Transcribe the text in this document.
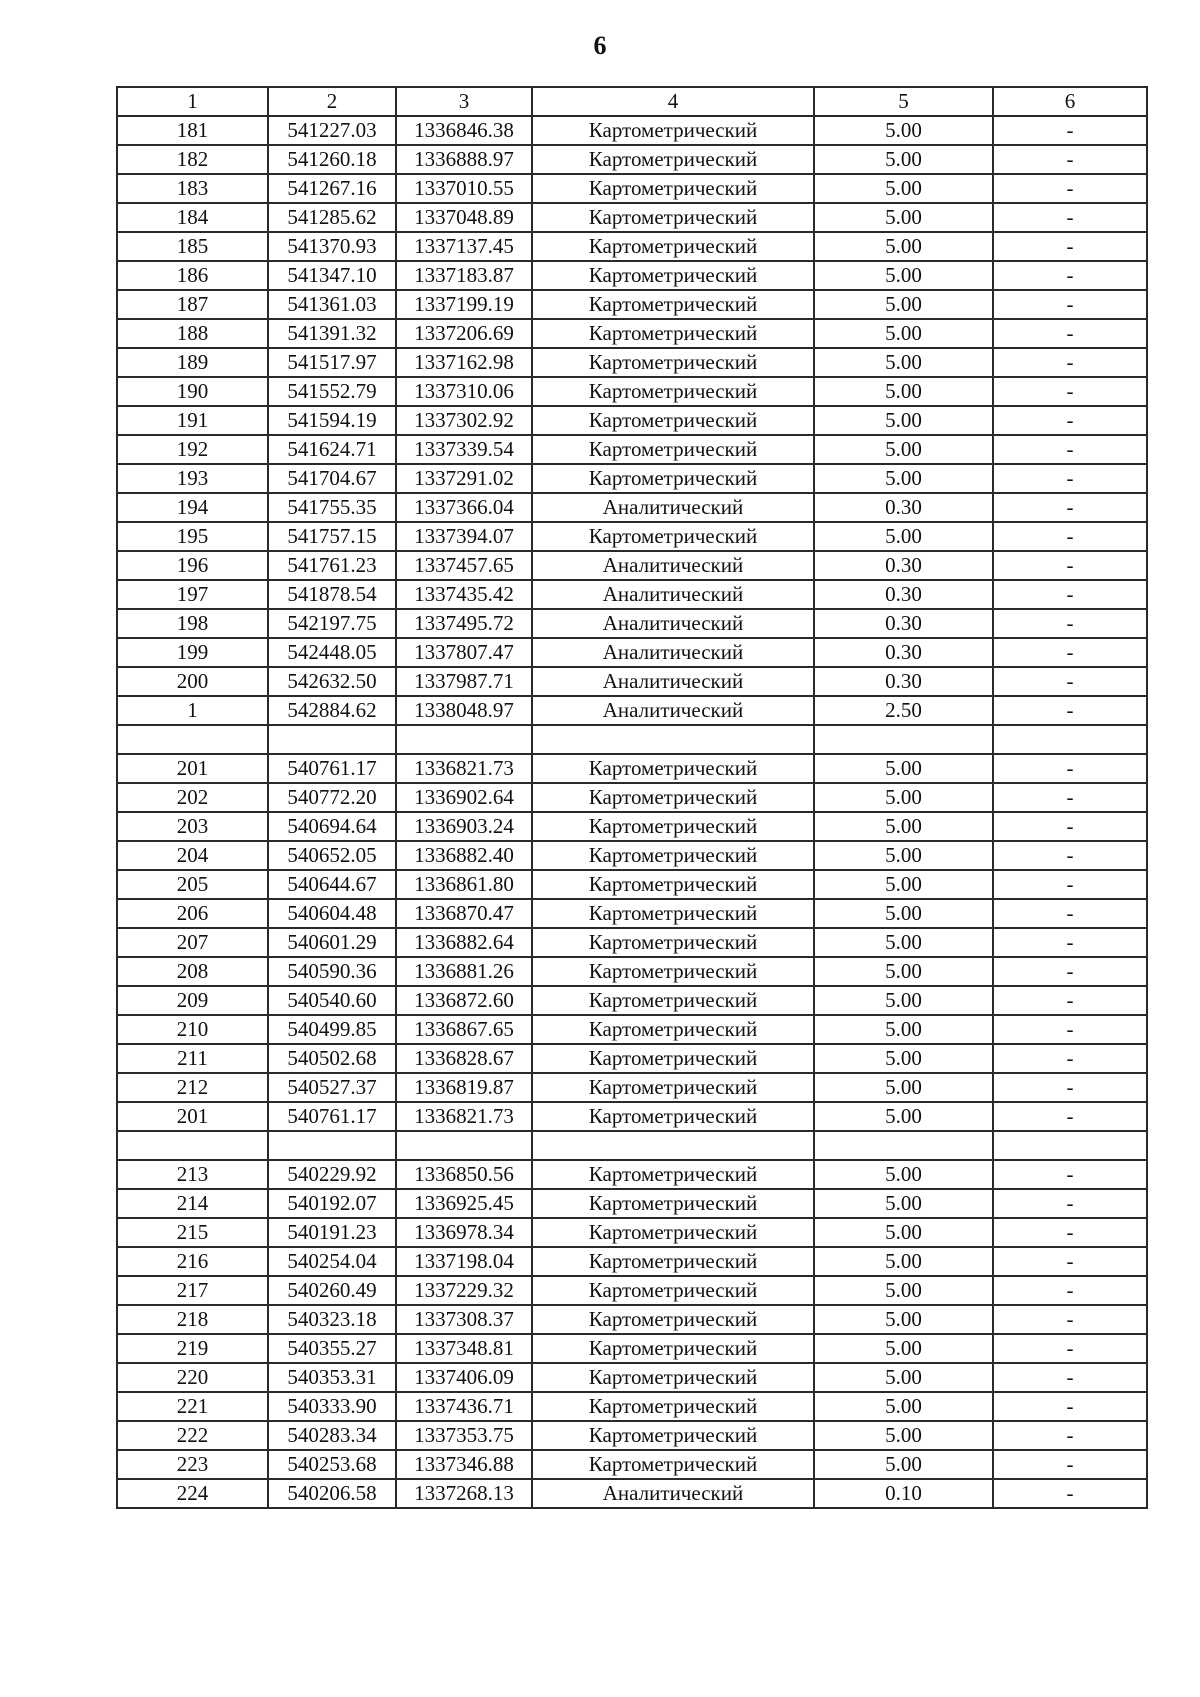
6
1	2	3	4	5	6
181	541227.03	1336846.38	Картометрический	5.00	-
182	541260.18	1336888.97	Картометрический	5.00	-
183	541267.16	1337010.55	Картометрический	5.00	-
184	541285.62	1337048.89	Картометрический	5.00	-
185	541370.93	1337137.45	Картометрический	5.00	-
186	541347.10	1337183.87	Картометрический	5.00	-
187	541361.03	1337199.19	Картометрический	5.00	-
188	541391.32	1337206.69	Картометрический	5.00	-
189	541517.97	1337162.98	Картометрический	5.00	-
190	541552.79	1337310.06	Картометрический	5.00	-
191	541594.19	1337302.92	Картометрический	5.00	-
192	541624.71	1337339.54	Картометрический	5.00	-
193	541704.67	1337291.02	Картометрический	5.00	-
194	541755.35	1337366.04	Аналитический	0.30	-
195	541757.15	1337394.07	Картометрический	5.00	-
196	541761.23	1337457.65	Аналитический	0.30	-
197	541878.54	1337435.42	Аналитический	0.30	-
198	542197.75	1337495.72	Аналитический	0.30	-
199	542448.05	1337807.47	Аналитический	0.30	-
200	542632.50	1337987.71	Аналитический	0.30	-
1	542884.62	1338048.97	Аналитический	2.50	-

201	540761.17	1336821.73	Картометрический	5.00	-
202	540772.20	1336902.64	Картометрический	5.00	-
203	540694.64	1336903.24	Картометрический	5.00	-
204	540652.05	1336882.40	Картометрический	5.00	-
205	540644.67	1336861.80	Картометрический	5.00	-
206	540604.48	1336870.47	Картометрический	5.00	-
207	540601.29	1336882.64	Картометрический	5.00	-
208	540590.36	1336881.26	Картометрический	5.00	-
209	540540.60	1336872.60	Картометрический	5.00	-
210	540499.85	1336867.65	Картометрический	5.00	-
211	540502.68	1336828.67	Картометрический	5.00	-
212	540527.37	1336819.87	Картометрический	5.00	-
201	540761.17	1336821.73	Картометрический	5.00	-

213	540229.92	1336850.56	Картометрический	5.00	-
214	540192.07	1336925.45	Картометрический	5.00	-
215	540191.23	1336978.34	Картометрический	5.00	-
216	540254.04	1337198.04	Картометрический	5.00	-
217	540260.49	1337229.32	Картометрический	5.00	-
218	540323.18	1337308.37	Картометрический	5.00	-
219	540355.27	1337348.81	Картометрический	5.00	-
220	540353.31	1337406.09	Картометрический	5.00	-
221	540333.90	1337436.71	Картометрический	5.00	-
222	540283.34	1337353.75	Картометрический	5.00	-
223	540253.68	1337346.88	Картометрический	5.00	-
224	540206.58	1337268.13	Аналитический	0.10	-
